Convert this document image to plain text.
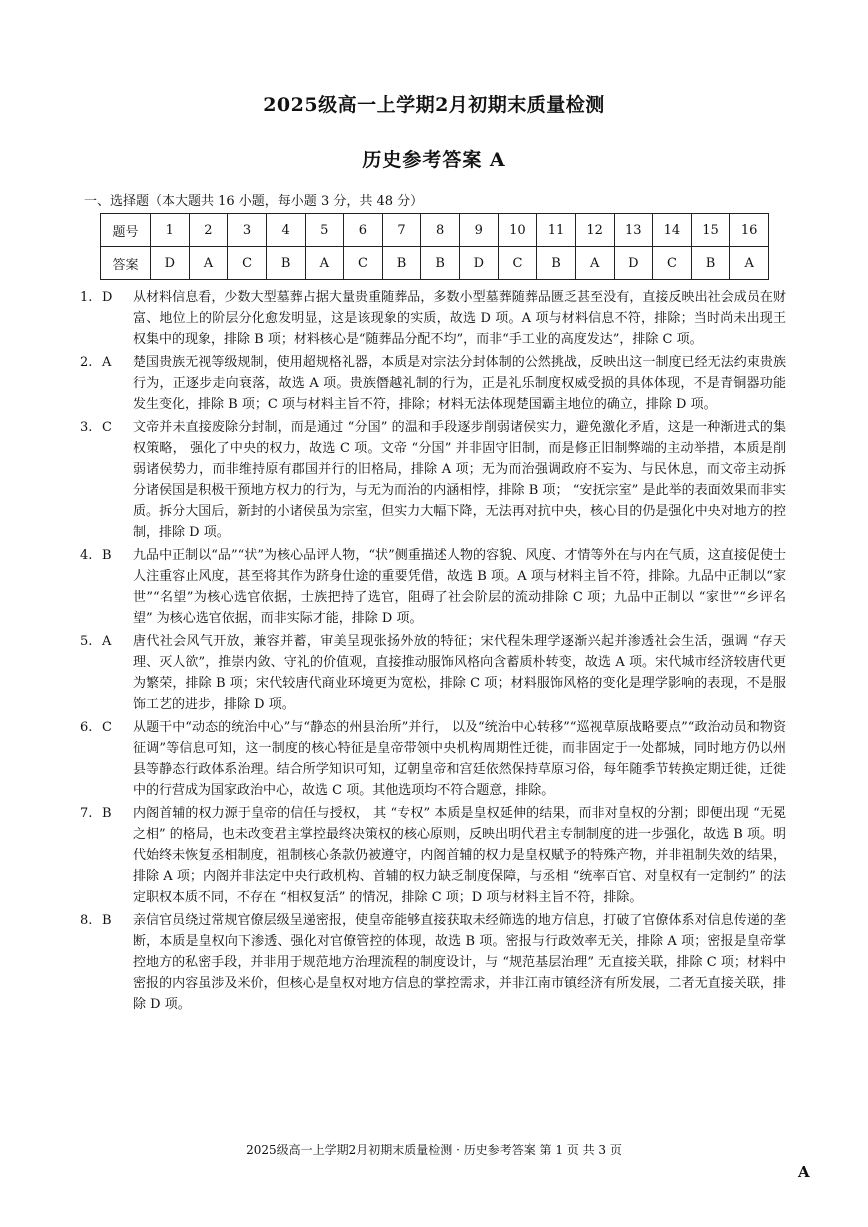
2025级高一上学期2月初期末质量检测
历史参考答案 A
一、选择题（本大题共 16 小题，每小题 3 分，共 48 分）
题号	1	2	3	4	5	6	7	8	9	10	11	12	13	14	15	16
答案	D	A	C	B	A	C	B	B	D	C	B	A	D	C	B	A
1. D	从材料信息看，少数大型墓葬占据大量贵重随葬品，多数小型墓葬随葬品匮乏甚至没有，直接反映出社会成员在财富、地位上的阶层分化愈发明显，这是该现象的实质，故选 D 项。A 项与材料信息不符，排除；当时尚未出现王权集中的现象，排除 B 项；材料核心是“随葬品分配不均”，而非“手工业的高度发达”，排除 C 项。
2. A	楚国贵族无视等级规制，使用超规格礼器，本质是对宗法分封体制的公然挑战，反映出这一制度已经无法约束贵族行为，正逐步走向衰落，故选 A 项。贵族僭越礼制的行为，正是礼乐制度权威受损的具体体现，不是青铜器功能发生变化，排除 B 项；C 项与材料主旨不符，排除；材料无法体现楚国霸主地位的确立，排除 D 项。
3. C	文帝并未直接废除分封制，而是通过 “分国” 的温和手段逐步削弱诸侯实力，避免激化矛盾，这是一种渐进式的集权策略， 强化了中央的权力，故选 C 项。文帝 “分国” 并非固守旧制，而是修正旧制弊端的主动举措，本质是削弱诸侯势力，而非维持原有郡国并行的旧格局，排除 A 项；无为而治强调政府不妄为、与民休息，而文帝主动拆分诸侯国是积极干预地方权力的行为，与无为而治的内涵相悖，排除 B 项； “安抚宗室” 是此举的表面效果而非实质。拆分大国后，新封的小诸侯虽为宗室，但实力大幅下降，无法再对抗中央，核心目的仍是强化中央对地方的控制，排除 D 项。
4. B	九品中正制以“品”“状”为核心品评人物，“状”侧重描述人物的容貌、风度、才情等外在与内在气质，这直接促使士人注重容止风度，甚至将其作为跻身仕途的重要凭借，故选 B 项。A 项与材料主旨不符，排除。九品中正制以“家世”“名望”为核心选官依据，士族把持了选官，阻碍了社会阶层的流动排除 C 项；九品中正制以 “家世”“乡评名望” 为核心选官依据，而非实际才能，排除 D 项。
5. A	唐代社会风气开放，兼容并蓄，审美呈现张扬外放的特征；宋代程朱理学逐渐兴起并渗透社会生活，强调 “存天理、灭人欲”，推崇内敛、守礼的价值观，直接推动服饰风格向含蓄质朴转变，故选 A 项。宋代城市经济较唐代更为繁荣，排除 B 项；宋代较唐代商业环境更为宽松，排除 C 项；材料服饰风格的变化是理学影响的表现，不是服饰工艺的进步，排除 D 项。
6. C	从题干中“动态的统治中心”与“静态的州县治所”并行， 以及“统治中心转移”“巡视草原战略要点”“政治动员和物资征调”等信息可知，这一制度的核心特征是皇帝带领中央机构周期性迁徙，而非固定于一处都城，同时地方仍以州县等静态行政体系治理。结合所学知识可知，辽朝皇帝和宫廷依然保持草原习俗，每年随季节转换定期迁徙，迁徙中的行营成为国家政治中心，故选 C 项。其他选项均不符合题意，排除。
7. B	内阁首辅的权力源于皇帝的信任与授权， 其 “专权” 本质是皇权延伸的结果，而非对皇权的分割；即便出现 “无冕之相” 的格局，也未改变君主掌控最终决策权的核心原则，反映出明代君主专制制度的进一步强化，故选 B 项。明代始终未恢复丞相制度，祖制核心条款仍被遵守，内阁首辅的权力是皇权赋予的特殊产物，并非祖制失效的结果，排除 A 项；内阁并非法定中央行政机构、首辅的权力缺乏制度保障，与丞相 “统率百官、对皇权有一定制约” 的法定职权本质不同，不存在 “相权复活” 的情况，排除 C 项；D 项与材料主旨不符，排除。
8. B	亲信官员绕过常规官僚层级呈递密报，使皇帝能够直接获取未经筛选的地方信息，打破了官僚体系对信息传递的垄断，本质是皇权向下渗透、强化对官僚管控的体现，故选 B 项。密报与行政效率无关，排除 A 项；密报是皇帝掌控地方的私密手段，并非用于规范地方治理流程的制度设计，与 “规范基层治理” 无直接关联，排除 C 项；材料中密报的内容虽涉及米价，但核心是皇权对地方信息的掌控需求，并非江南市镇经济有所发展，二者无直接关联，排除 D 项。
2025级高一上学期2月初期末质量检测 · 历史参考答案 第 1 页 共 3 页
A
